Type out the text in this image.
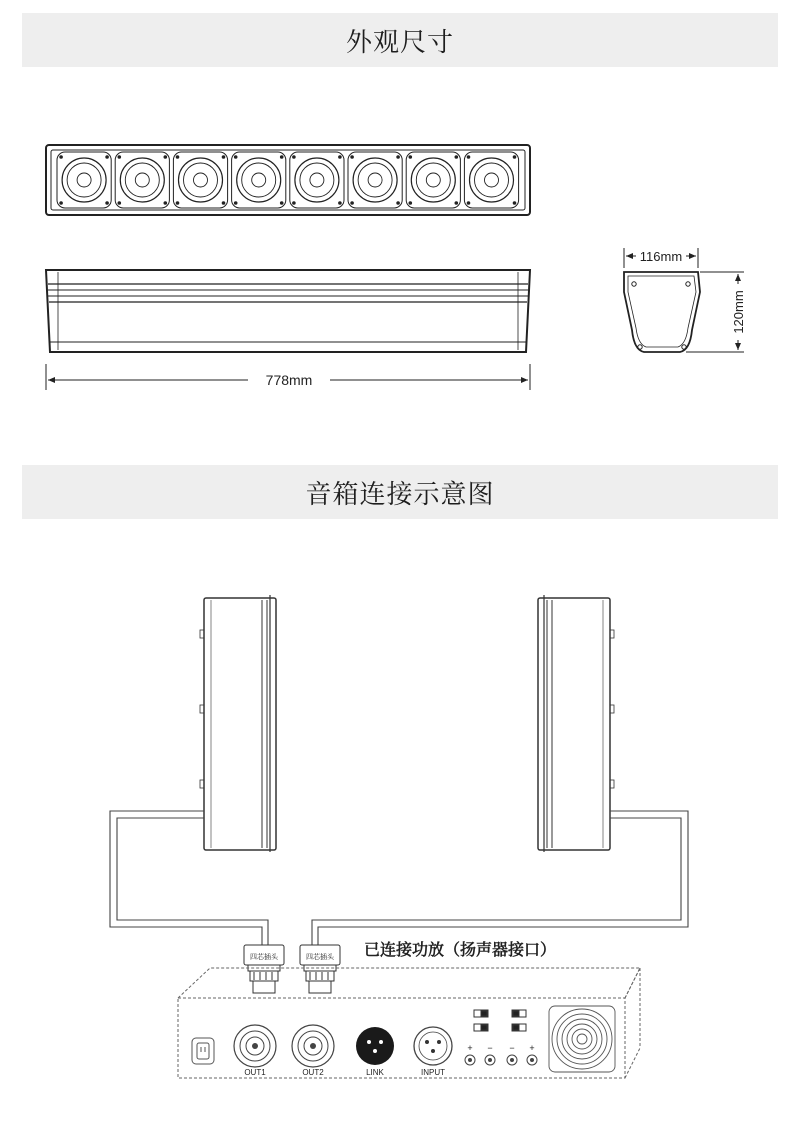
外观尺寸
音箱连接示意图
778mm
116mm
120mm
四芯插头	四芯插头 已连接功放（扬声器接口）
OUT1	OUT2	LINK	INPUT
+ − − +
